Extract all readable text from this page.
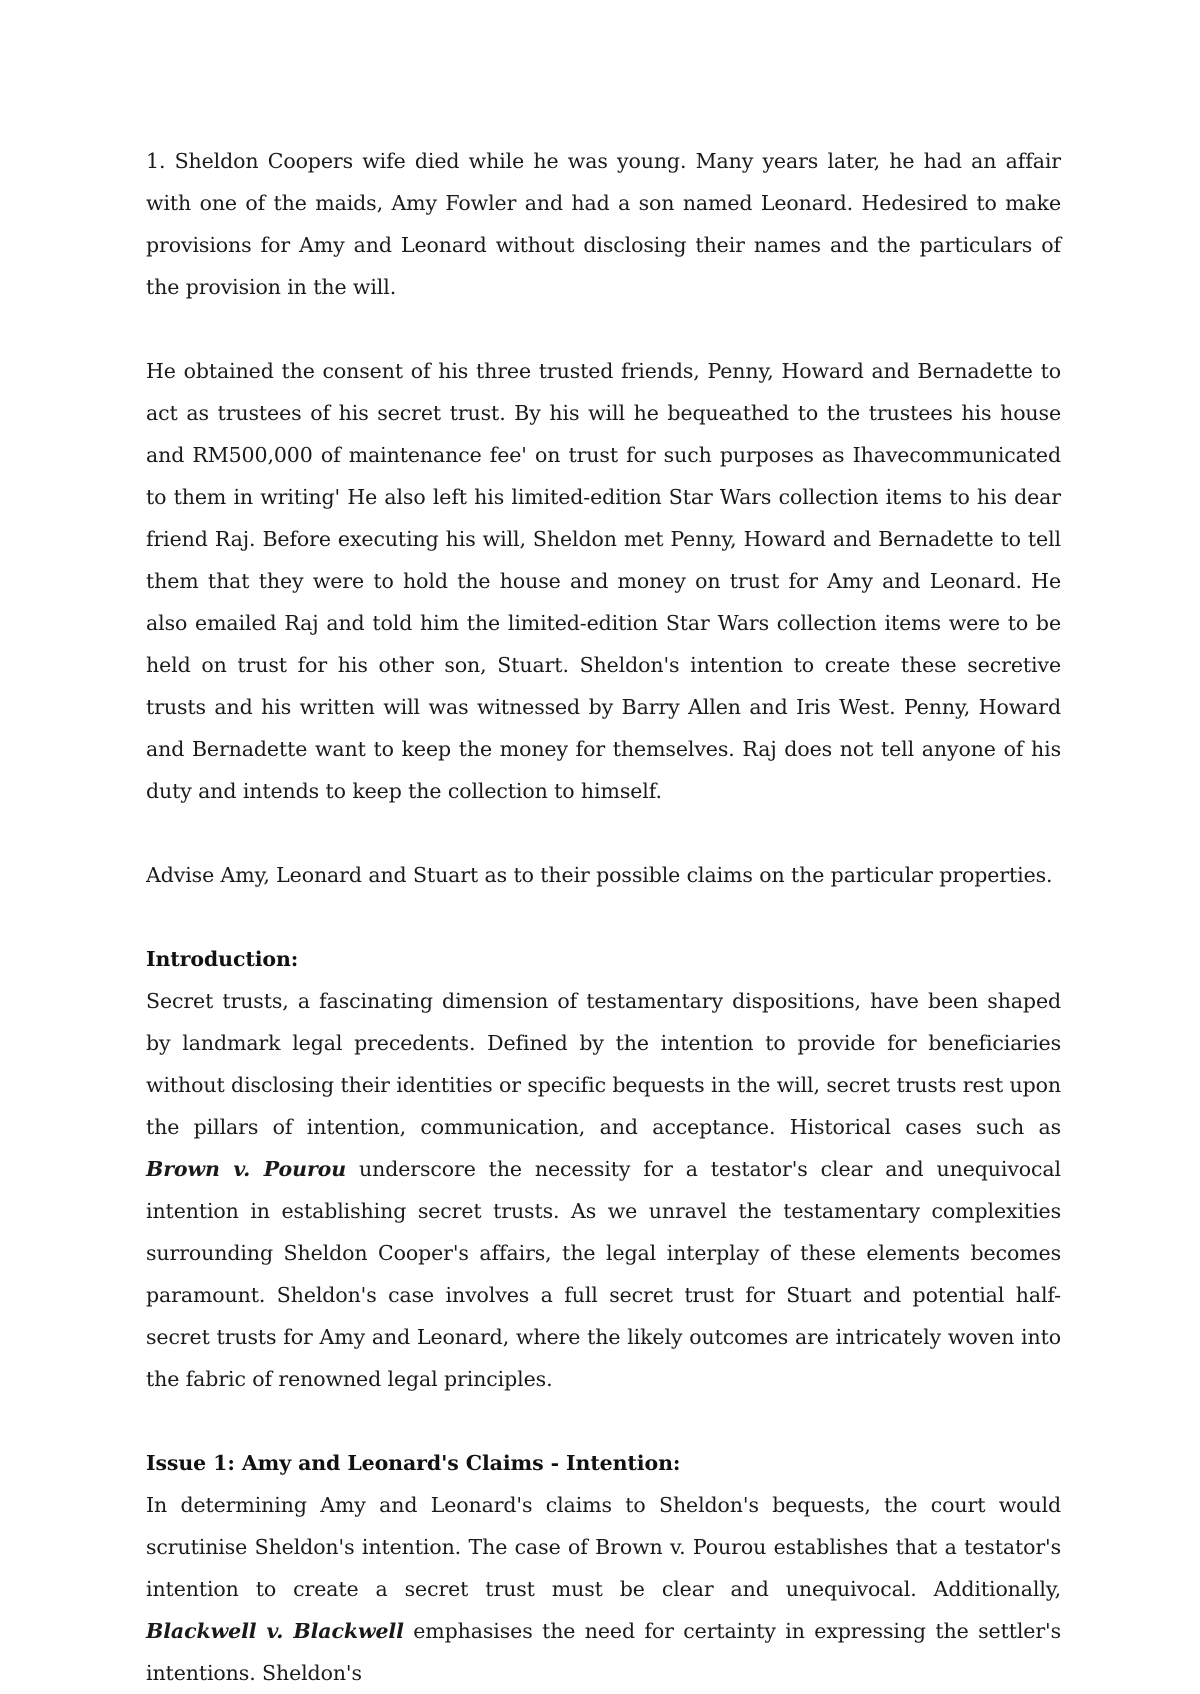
1. Sheldon Coopers wife died while he was young. Many years later, he had an affair with one of the maids, Amy Fowler and had a son named Leonard. Hedesired to make provisions for Amy and Leonard without disclosing their names and the particulars of the provision in the will.

He obtained the consent of his three trusted friends, Penny, Howard and Bernadette to act as trustees of his secret trust. By his will he bequeathed to the trustees his house and RM500,000 of maintenance fee' on trust for such purposes as Ihavecommunicated to them in writing' He also left his limited-edition Star Wars collection items to his dear friend Raj. Before executing his will, Sheldon met Penny, Howard and Bernadette to tell them that they were to hold the house and money on trust for Amy and Leonard. He also emailed Raj and told him the limited-edition Star Wars collection items were to be held on trust for his other son, Stuart. Sheldon's intention to create these secretive trusts and his written will was witnessed by Barry Allen and Iris West. Penny, Howard and Bernadette want to keep the money for themselves. Raj does not tell anyone of his duty and intends to keep the collection to himself.

Advise Amy, Leonard and Stuart as to their possible claims on the particular properties.

Introduction:

Secret trusts, a fascinating dimension of testamentary dispositions, have been shaped by landmark legal precedents. Defined by the intention to provide for beneficiaries without disclosing their identities or specific bequests in the will, secret trusts rest upon the pillars of intention, communication, and acceptance. Historical cases such as Brown v. Pourou underscore the necessity for a testator's clear and unequivocal intention in establishing secret trusts. As we unravel the testamentary complexities surrounding Sheldon Cooper's affairs, the legal interplay of these elements becomes paramount. Sheldon's case involves a full secret trust for Stuart and potential half-secret trusts for Amy and Leonard, where the likely outcomes are intricately woven into the fabric of renowned legal principles.

Issue 1: Amy and Leonard's Claims - Intention:

In determining Amy and Leonard's claims to Sheldon's bequests, the court would scrutinise Sheldon's intention. The case of Brown v. Pourou establishes that a testator's intention to create a secret trust must be clear and unequivocal. Additionally, Blackwell v. Blackwell emphasises the need for certainty in expressing the settler's intentions. Sheldon's
